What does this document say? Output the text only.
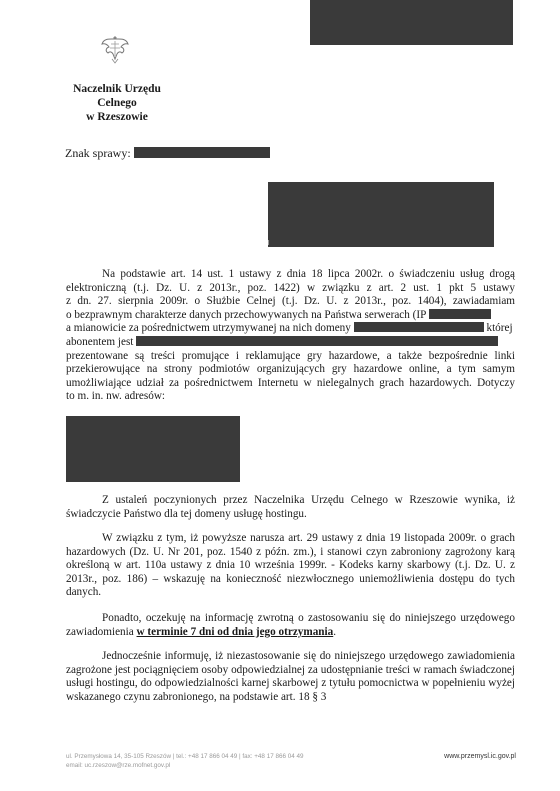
Naczelnik Urzędu Celnego
w Rzeszowie
Znak sprawy:
Na podstawie art. 14 ust. 1 ustawy z dnia 18 lipca 2002r. o świadczeniu usług drogą
elektroniczną (t.j. Dz. U. z 2013r., poz. 1422) w związku z art. 2 ust. 1 pkt 5 ustawy
z dn. 27. sierpnia 2009r. o Służbie Celnej (t.j. Dz. U. z 2013r., poz. 1404), zawiadamiam
o bezprawnym charakterze danych przechowywanych na Państwa serwerach (IP
a mianowicie za pośrednictwem utrzymywanej na nich domeny	której
abonentem jest
prezentowane są treści promujące i reklamujące gry hazardowe, a także bezpośrednie linki
przekierowujące na strony podmiotów organizujących gry hazardowe online, a tym samym
umożliwiające udział za pośrednictwem Internetu w nielegalnych grach hazardowych. Dotyczy
to m. in. nw. adresów:

Z ustaleń poczynionych przez Naczelnika Urzędu Celnego w Rzeszowie wynika, iż świadczycie Państwo dla tej domeny usługę hostingu.

W związku z tym, iż powyższe narusza art. 29 ustawy z dnia 19 listopada 2009r. o grach hazardowych (Dz. U. Nr 201, poz. 1540 z późn. zm.), i stanowi czyn zabroniony zagrożony karą określoną w art. 110a ustawy z dnia 10 września 1999r. - Kodeks karny skarbowy (t.j. Dz. U. z 2013r., poz. 186) – wskazuję na konieczność niezwłocznego uniemożliwienia dostępu do tych danych.

Ponadto, oczekuję na informację zwrotną o zastosowaniu się do niniejszego urzędowego zawiadomienia w terminie 7 dni od dnia jego otrzymania.

Jednocześnie informuję, iż niezastosowanie się do niniejszego urzędowego zawiadomienia zagrożone jest pociągnięciem osoby odpowiedzialnej za udostępnianie treści w ramach świadczonej usługi hostingu, do odpowiedzialności karnej skarbowej z tytułu pomocnictwa w popełnieniu wyżej wskazanego czynu zabronionego, na podstawie art. 18 § 3

ul. Przemysłowa 14, 35-105 Rzeszów | tel.: +48 17 866 04 49 | fax: +48 17 866 04 49
email: uc.rzeszow@rze.mofnet.gov.pl
www.przemysl.ic.gov.pl
